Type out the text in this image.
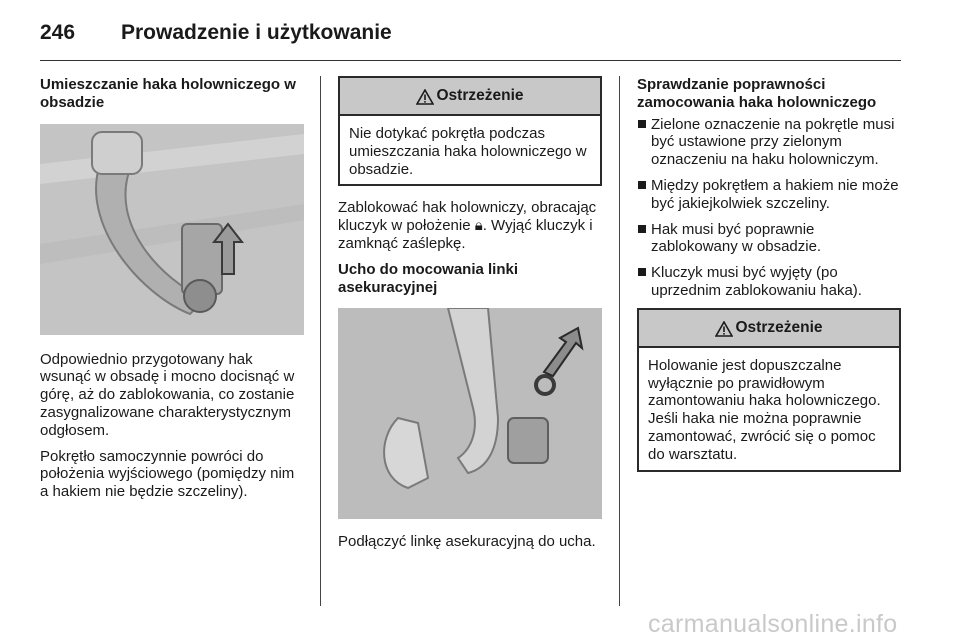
246 Prowadzenie i użytkowanie
Umieszczanie haka holowniczego w obsadzie

Odpowiednio przygotowany hak wsunąć w obsadę i mocno docisnąć w górę, aż do zablokowania, co zostanie zasygnalizowane charakterystycznym odgłosem.

Pokrętło samoczynnie powróci do położenia wyjściowego (pomiędzy nim a hakiem nie będzie szczeliny).

Ostrzeżenie

Nie dotykać pokrętła podczas umieszczania haka holowniczego w obsadzie.

Zablokować hak holowniczy, obracając kluczyk w położenie 🔒︎. Wyjąć kluczyk i zamknąć zaślepkę.

Ucho do mocowania linki asekuracyjnej

Podłączyć linkę asekuracyjną do ucha.

Sprawdzanie poprawności zamocowania haka holowniczego
Zielone oznaczenie na pokrętle musi być ustawione przy zielonym oznaczeniu na haku holowniczym.
Między pokrętłem a hakiem nie może być jakiejkolwiek szczeliny.
Hak musi być poprawnie zablokowany w obsadzie.
Kluczyk musi być wyjęty (po uprzednim zablokowaniu haka).
Ostrzeżenie

Holowanie jest dopuszczalne wyłącznie po prawidłowym zamontowaniu haka holowniczego. Jeśli haka nie można poprawnie zamontować, zwrócić się o pomoc do warsztatu.

carmanualsonline.info
